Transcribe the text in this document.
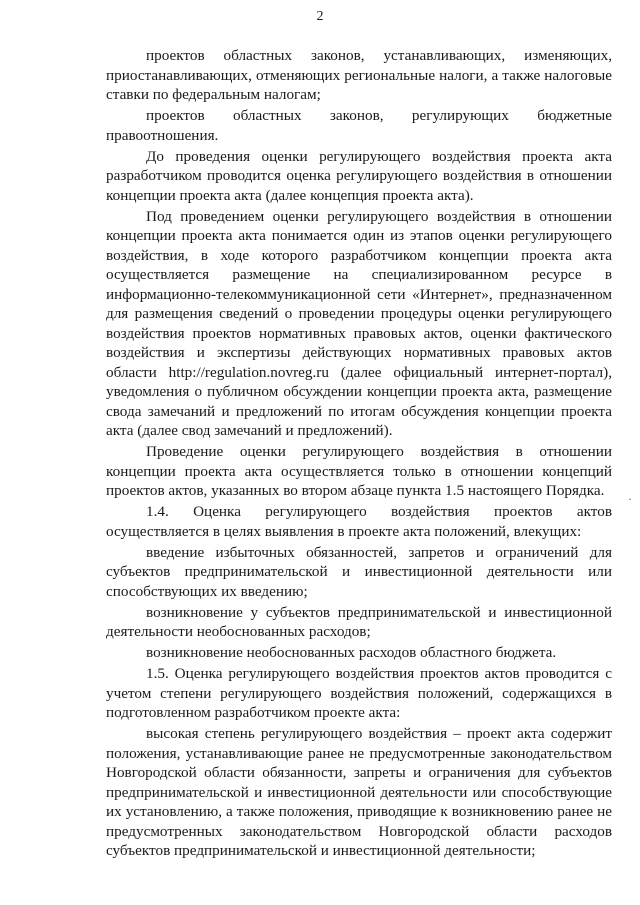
2
·

проектов областных законов, устанавливающих, изменяющих, приостанавливающих, отменяющих региональные налоги, а также налоговые ставки по федеральным налогам;

проектов областных законов, регулирующих бюджетные правоотношения.

До проведения оценки регулирующего воздействия проекта акта разработчиком проводится оценка регулирующего воздействия в отношении концепции проекта акта (далее концепция проекта акта).

Под проведением оценки регулирующего воздействия в отношении концепции проекта акта понимается один из этапов оценки регулирующего воздействия, в ходе которого разработчиком концепции проекта акта осуществляется размещение на специализированном ресурсе в информационно-телекоммуникационной сети «Интернет», предназначенном для размещения сведений о проведении процедуры оценки регулирующего воздействия проектов нормативных правовых актов, оценки фактического воздействия и экспертизы действующих нормативных правовых актов области http://regulation.novreg.ru (далее официальный интернет-портал), уведомления о публичном обсуждении концепции проекта акта, размещение свода замечаний и предложений по итогам обсуждения концепции проекта акта (далее свод замечаний и предложений).

Проведение оценки регулирующего воздействия в отношении концепции проекта акта осуществляется только в отношении концепций проектов актов, указанных во втором абзаце пункта 1.5 настоящего Порядка.

1.4. Оценка регулирующего воздействия проектов актов осуществляется в целях выявления в проекте акта положений, влекущих:

введение избыточных обязанностей, запретов и ограничений для субъектов предпринимательской и инвестиционной деятельности или способствующих их введению;

возникновение у субъектов предпринимательской и инвестиционной деятельности необоснованных расходов;

возникновение необоснованных расходов областного бюджета.

1.5. Оценка регулирующего воздействия проектов актов проводится с учетом степени регулирующего воздействия положений, содержащихся в подготовленном разработчиком проекте акта:

высокая степень регулирующего воздействия – проект акта содержит положения, устанавливающие ранее не предусмотренные законодательством Новгородской области обязанности, запреты и ограничения для субъектов предпринимательской и инвестиционной деятельности или способствующие их установлению, а также положения, приводящие к возникновению ранее не предусмотренных законодательством Новгородской области расходов субъектов предпринимательской и инвестиционной деятельности;
